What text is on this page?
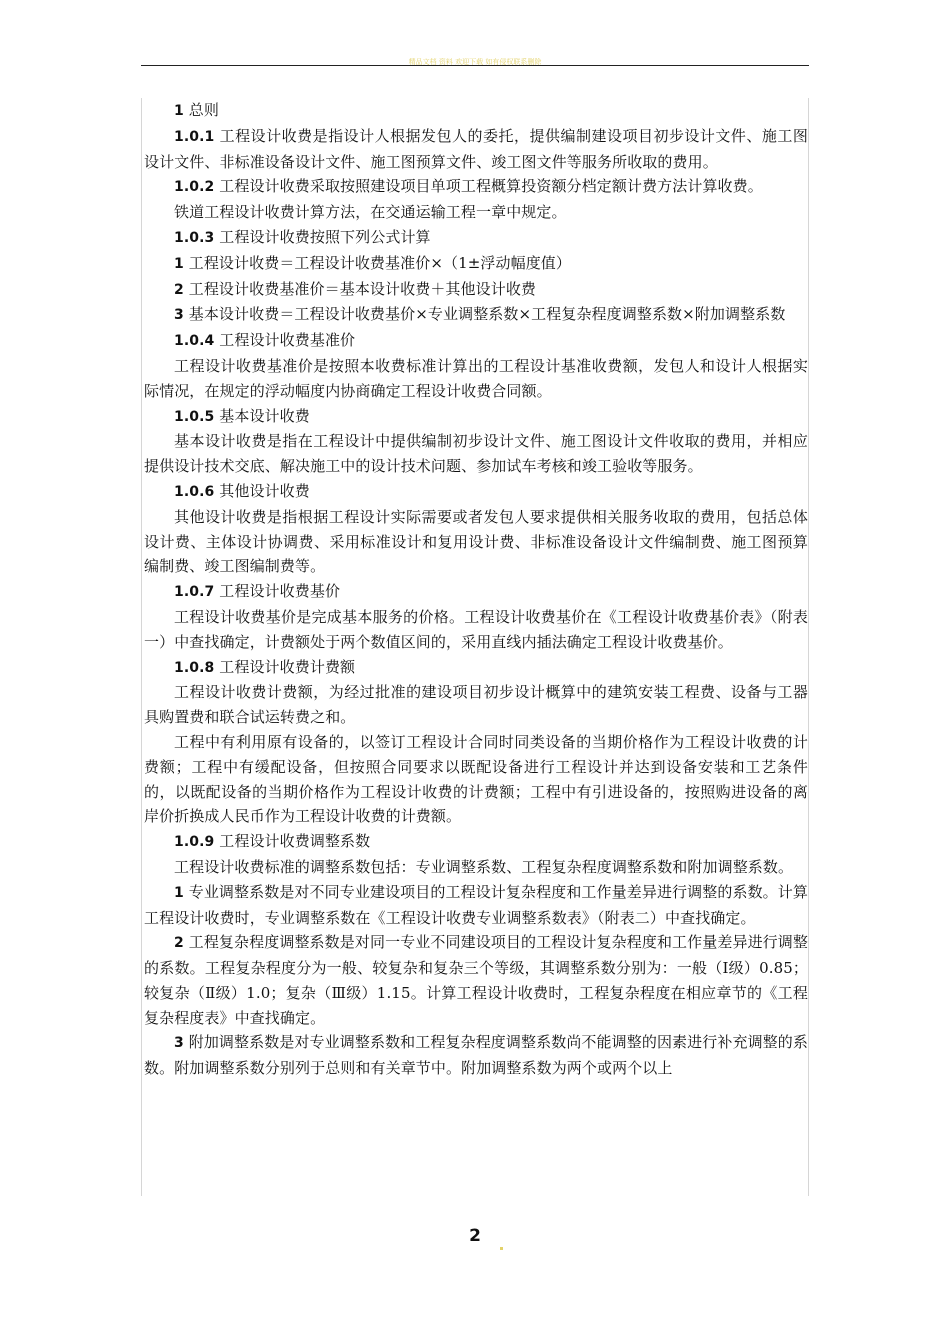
精品文档 资料 欢迎下载 如有侵权联系删除

1 总则

1.0.1 工程设计收费是指设计人根据发包人的委托，提供编制建设项目初步设计文件、施工图设计文件、非标准设备设计文件、施工图预算文件、竣工图文件等服务所收取的费用。

1.0.2 工程设计收费采取按照建设项目单项工程概算投资额分档定额计费方法计算收费。

铁道工程设计收费计算方法，在交通运输工程一章中规定。

1.0.3 工程设计收费按照下列公式计算

1 工程设计收费＝工程设计收费基准价×（1±浮动幅度值）

2 工程设计收费基准价＝基本设计收费＋其他设计收费

3 基本设计收费＝工程设计收费基价×专业调整系数×工程复杂程度调整系数×附加调整系数

1.0.4 工程设计收费基准价

工程设计收费基准价是按照本收费标准计算出的工程设计基准收费额，发包人和设计人根据实际情况，在规定的浮动幅度内协商确定工程设计收费合同额。

1.0.5 基本设计收费

基本设计收费是指在工程设计中提供编制初步设计文件、施工图设计文件收取的费用，并相应提供设计技术交底、解决施工中的设计技术问题、参加试车考核和竣工验收等服务。

1.0.6 其他设计收费

其他设计收费是指根据工程设计实际需要或者发包人要求提供相关服务收取的费用，包括总体设计费、主体设计协调费、采用标准设计和复用设计费、非标准设备设计文件编制费、施工图预算编制费、竣工图编制费等。

1.0.7 工程设计收费基价

工程设计收费基价是完成基本服务的价格。工程设计收费基价在《工程设计收费基价表》（附表一）中查找确定，计费额处于两个数值区间的，采用直线内插法确定工程设计收费基价。

1.0.8 工程设计收费计费额

工程设计收费计费额，为经过批准的建设项目初步设计概算中的建筑安装工程费、设备与工器具购置费和联合试运转费之和。

工程中有利用原有设备的，以签订工程设计合同时同类设备的当期价格作为工程设计收费的计费额；工程中有缓配设备，但按照合同要求以既配设备进行工程设计并达到设备安装和工艺条件的，以既配设备的当期价格作为工程设计收费的计费额；工程中有引进设备的，按照购进设备的离岸价折换成人民币作为工程设计收费的计费额。

1.0.9 工程设计收费调整系数

工程设计收费标准的调整系数包括：专业调整系数、工程复杂程度调整系数和附加调整系数。

1 专业调整系数是对不同专业建设项目的工程设计复杂程度和工作量差异进行调整的系数。计算工程设计收费时，专业调整系数在《工程设计收费专业调整系数表》（附表二）中查找确定。

2 工程复杂程度调整系数是对同一专业不同建设项目的工程设计复杂程度和工作量差异进行调整的系数。工程复杂程度分为一般、较复杂和复杂三个等级，其调整系数分别为：一般（Ⅰ级）0.85；较复杂（Ⅱ级）1.0；复杂（Ⅲ级）1.15。计算工程设计收费时，工程复杂程度在相应章节的《工程复杂程度表》中查找确定。

3 附加调整系数是对专业调整系数和工程复杂程度调整系数尚不能调整的因素进行补充调整的系数。附加调整系数分别列于总则和有关章节中。附加调整系数为两个或两个以上

2
